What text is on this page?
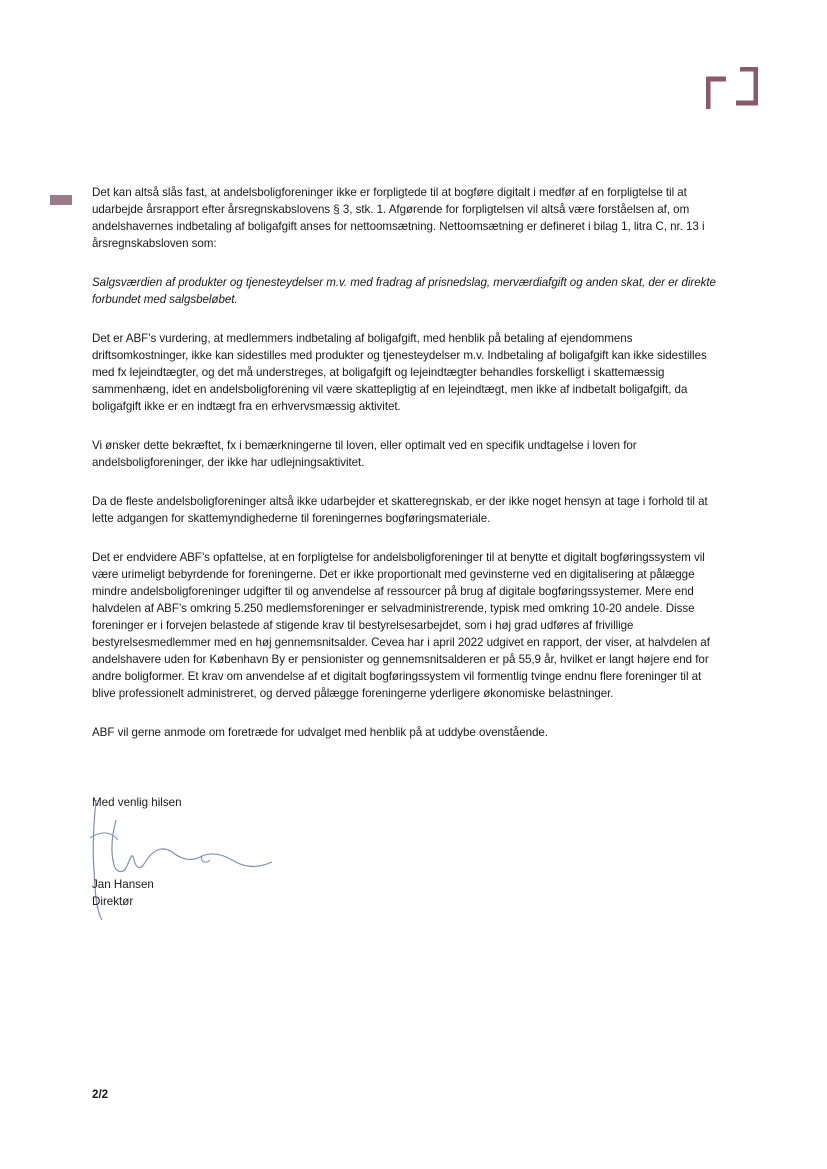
Det kan altså slås fast, at andelsboligforeninger ikke er forpligtede til at bogføre digitalt i medfør af en forpligtelse til at udarbejde årsrapport efter årsregnskabslovens § 3, stk. 1. Afgørende for forpligtelsen vil altså være forståelsen af, om andelshavernes indbetaling af boligafgift anses for nettoomsætning. Nettoomsætning er defineret i bilag 1, litra C, nr. 13 i årsregnskabsloven som:

Salgsværdien af produkter og tjenesteydelser m.v. med fradrag af prisnedslag, merværdiafgift og anden skat, der er direkte forbundet med salgsbeløbet.

Det er ABF’s vurdering, at medlemmers indbetaling af boligafgift, med henblik på betaling af ejendommens driftsomkostninger, ikke kan sidestilles med produkter og tjenesteydelser m.v. Indbetaling af boligafgift kan ikke sidestilles med fx lejeindtægter, og det må understreges, at boligafgift og lejeindtægter behandles forskelligt i skattemæssig sammenhæng, idet en andelsboligforening vil være skattepligtig af en lejeindtægt, men ikke af indbetalt boligafgift, da boligafgift ikke er en indtægt fra en erhvervsmæssig aktivitet.

Vi ønsker dette bekræftet, fx i bemærkningerne til loven, eller optimalt ved en specifik undtagelse i loven for andelsboligforeninger, der ikke har udlejningsaktivitet.

Da de fleste andelsboligforeninger altså ikke udarbejder et skatteregnskab, er der ikke noget hensyn at tage i forhold til at lette adgangen for skattemyndighederne til foreningernes bogføringsmateriale.

Det er endvidere ABF’s opfattelse, at en forpligtelse for andelsboligforeninger til at benytte et digitalt bogføringssystem vil være urimeligt bebyrdende for foreningerne. Det er ikke proportionalt med gevinsterne ved en digitalisering at pålægge mindre andelsboligforeninger udgifter til og anvendelse af ressourcer på brug af digitale bogføringssystemer. Mere end halvdelen af ABF’s omkring 5.250 medlemsforeninger er selvadministrerende, typisk med omkring 10-20 andele. Disse foreninger er i forvejen belastede af stigende krav til bestyrelsesarbejdet, som i høj grad udføres af frivillige bestyrelsesmedlemmer med en høj gennemsnitsalder. Cevea har i april 2022 udgivet en rapport, der viser, at halvdelen af andelshavere uden for København By er pensionister og gennemsnitsalderen er på 55,9 år, hvilket er langt højere end for andre boligformer. Et krav om anvendelse af et digitalt bogføringssystem vil formentlig tvinge endnu flere foreninger til at blive professionelt administreret, og derved pålægge foreningerne yderligere økonomiske belastninger.

ABF vil gerne anmode om foretræde for udvalget med henblik på at uddybe ovenstående.

Med venlig hilsen
Jan Hansen
Direktør
2/2
